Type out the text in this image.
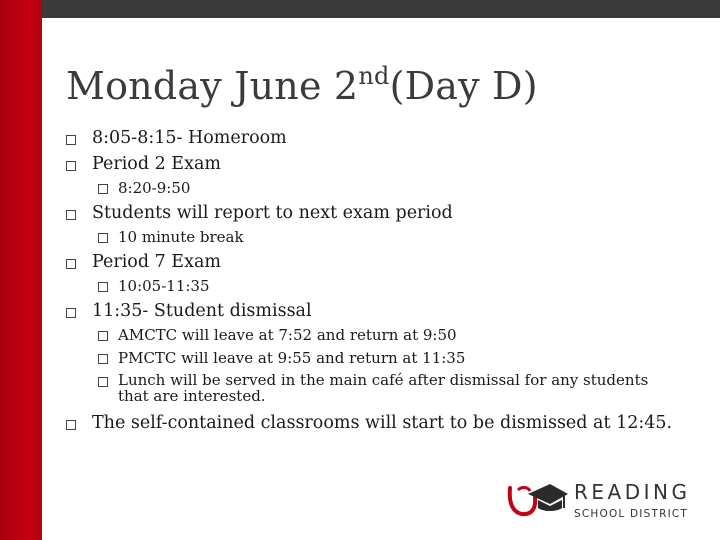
Monday June 2nd(Day D)
8:05-8:15- Homeroom
Period 2 Exam
8:20-9:50
Students will report to next exam period
10 minute break
Period 7 Exam
10:05-11:35
11:35- Student dismissal
AMCTC will leave at 7:52 and return at 9:50
PMCTC will leave at 9:55 and return at 11:35
Lunch will be served in the main café after dismissal for any students that are interested.
The self-contained classrooms will start to be dismissed at 12:45.
READING
SCHOOL DISTRICT
